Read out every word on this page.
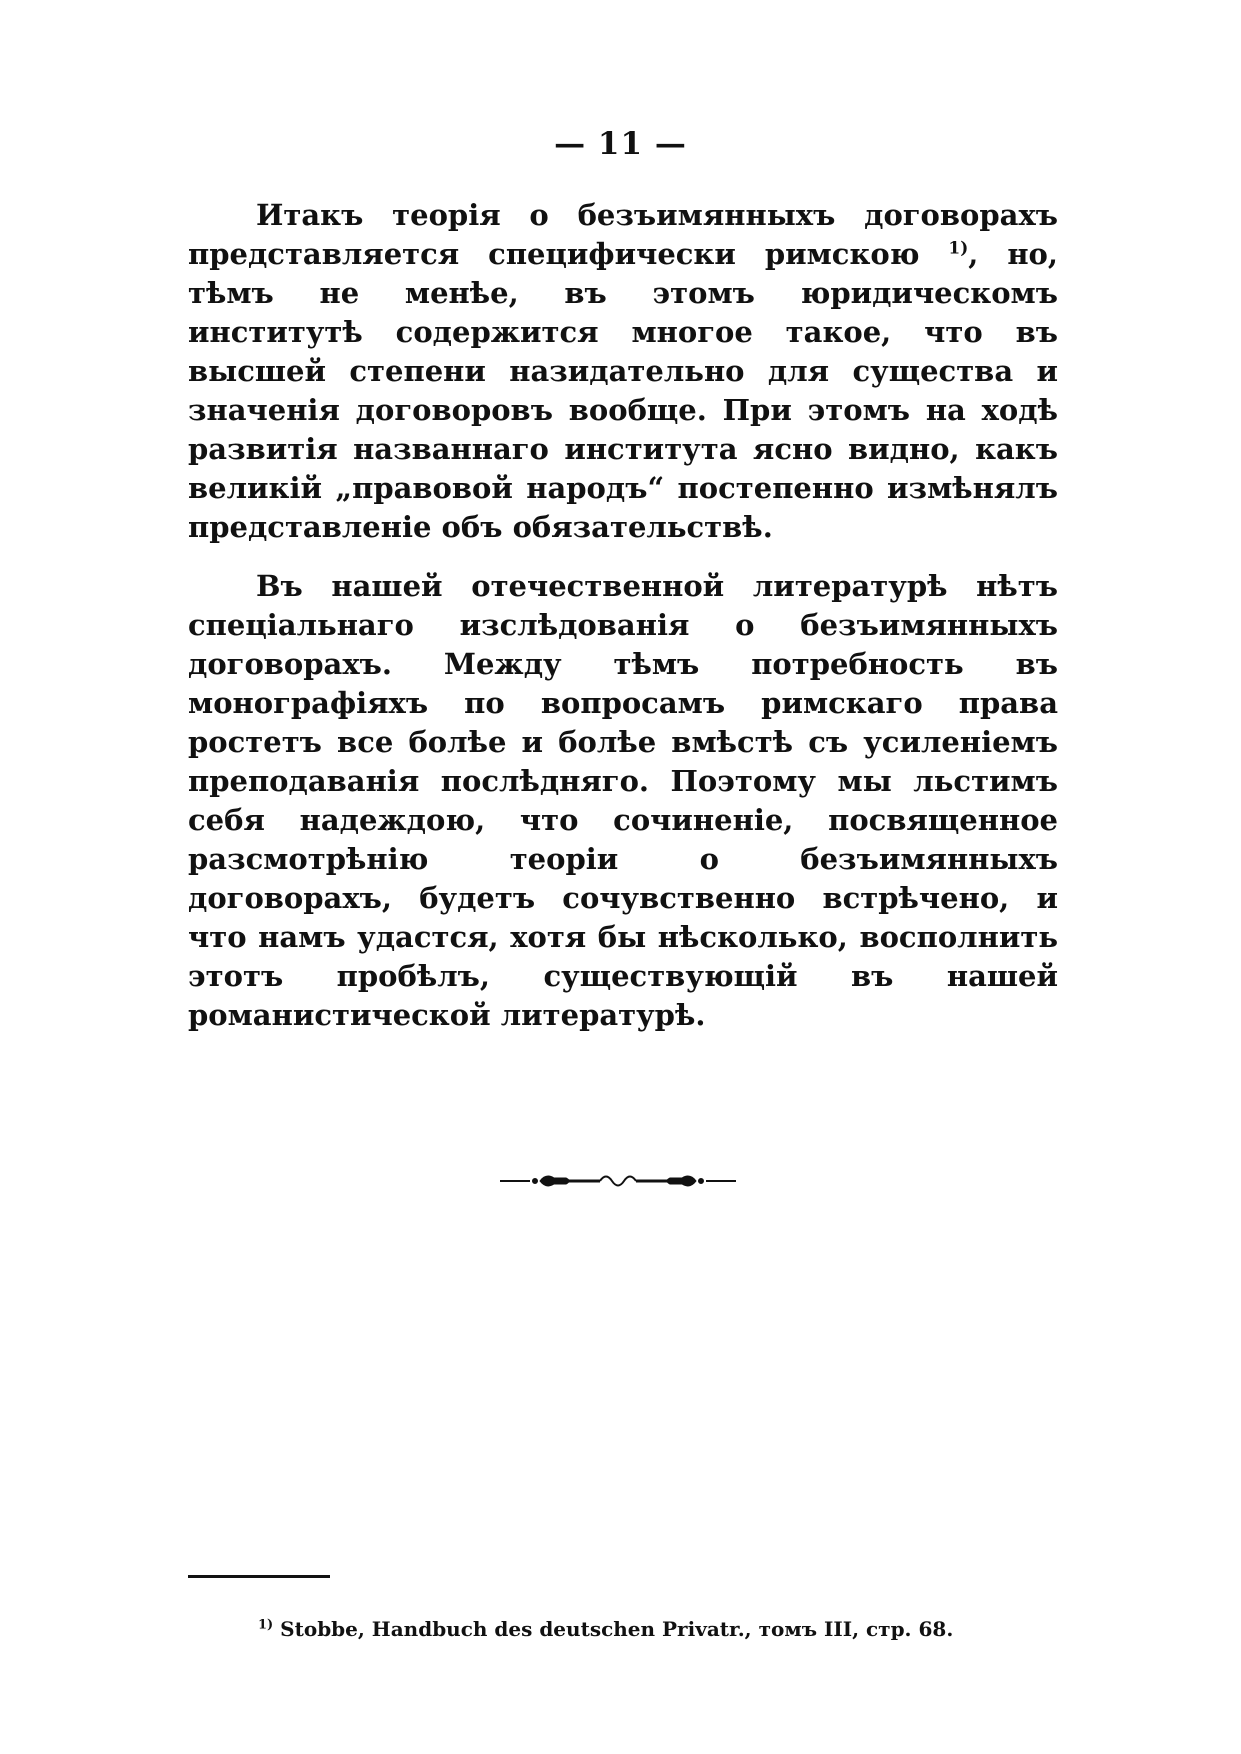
— 11 —

Итакъ теорія о безъимянныхъ договорахъ представляется специфически римскою $^{1)}$, но, тѣмъ не менѣе, въ этомъ юридическомъ институтѣ содержится многое такое, что въ высшей степени назидательно для существа и значенія договоровъ вообще. При этомъ на ходѣ развитія названнаго института ясно видно, какъ великій „правовой народъ“ постепенно измѣнялъ представленіе объ обязательствѣ.

Въ нашей отечественной литературѣ нѣтъ спеціальнаго изслѣдованія о безъимянныхъ договорахъ. Между тѣмъ потребность въ монографіяхъ по вопросамъ римскаго права ростетъ все болѣе и болѣе вмѣстѣ съ усиленіемъ преподаванія послѣдняго. Поэтому мы льстимъ себя надеждою, что сочиненіе, посвященное разсмотрѣнію теоріи о безъимянныхъ договорахъ, будетъ сочувственно встрѣчено, и что намъ удастся, хотя бы нѣсколько, восполнить этотъ пробѣлъ, существующій въ нашей романистической литературѣ.

$^{1)}$ Stobbe, Handbuch des deutschen Privatr., томъ III, стр. 68.
